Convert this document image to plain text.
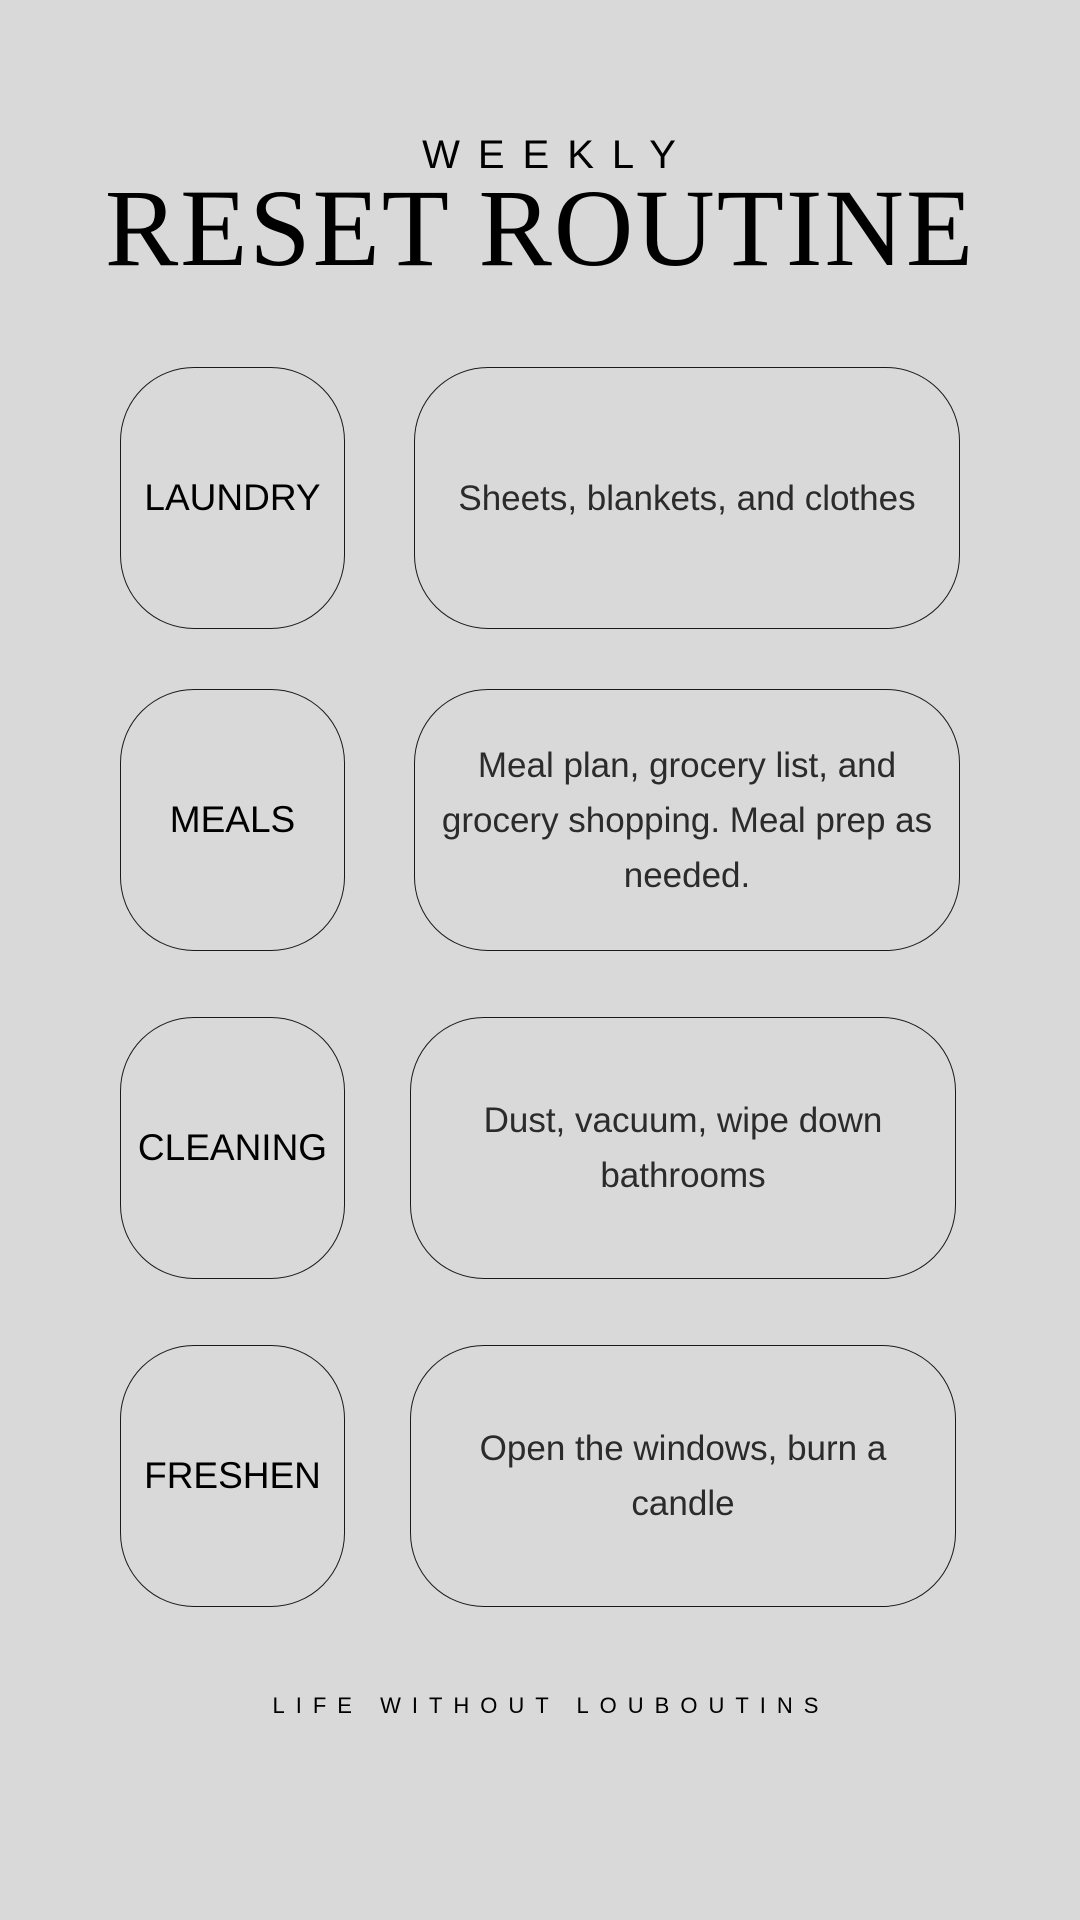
WEEKLY
RESET ROUTINE
LAUNDRY	Sheets, blankets, and clothes
MEALS
Meal plan, grocery list, and grocery shopping. Meal prep as needed.
CLEANING
Dust, vacuum, wipe down bathrooms
FRESHEN
Open the windows, burn a candle
LIFE WITHOUT LOUBOUTINS
